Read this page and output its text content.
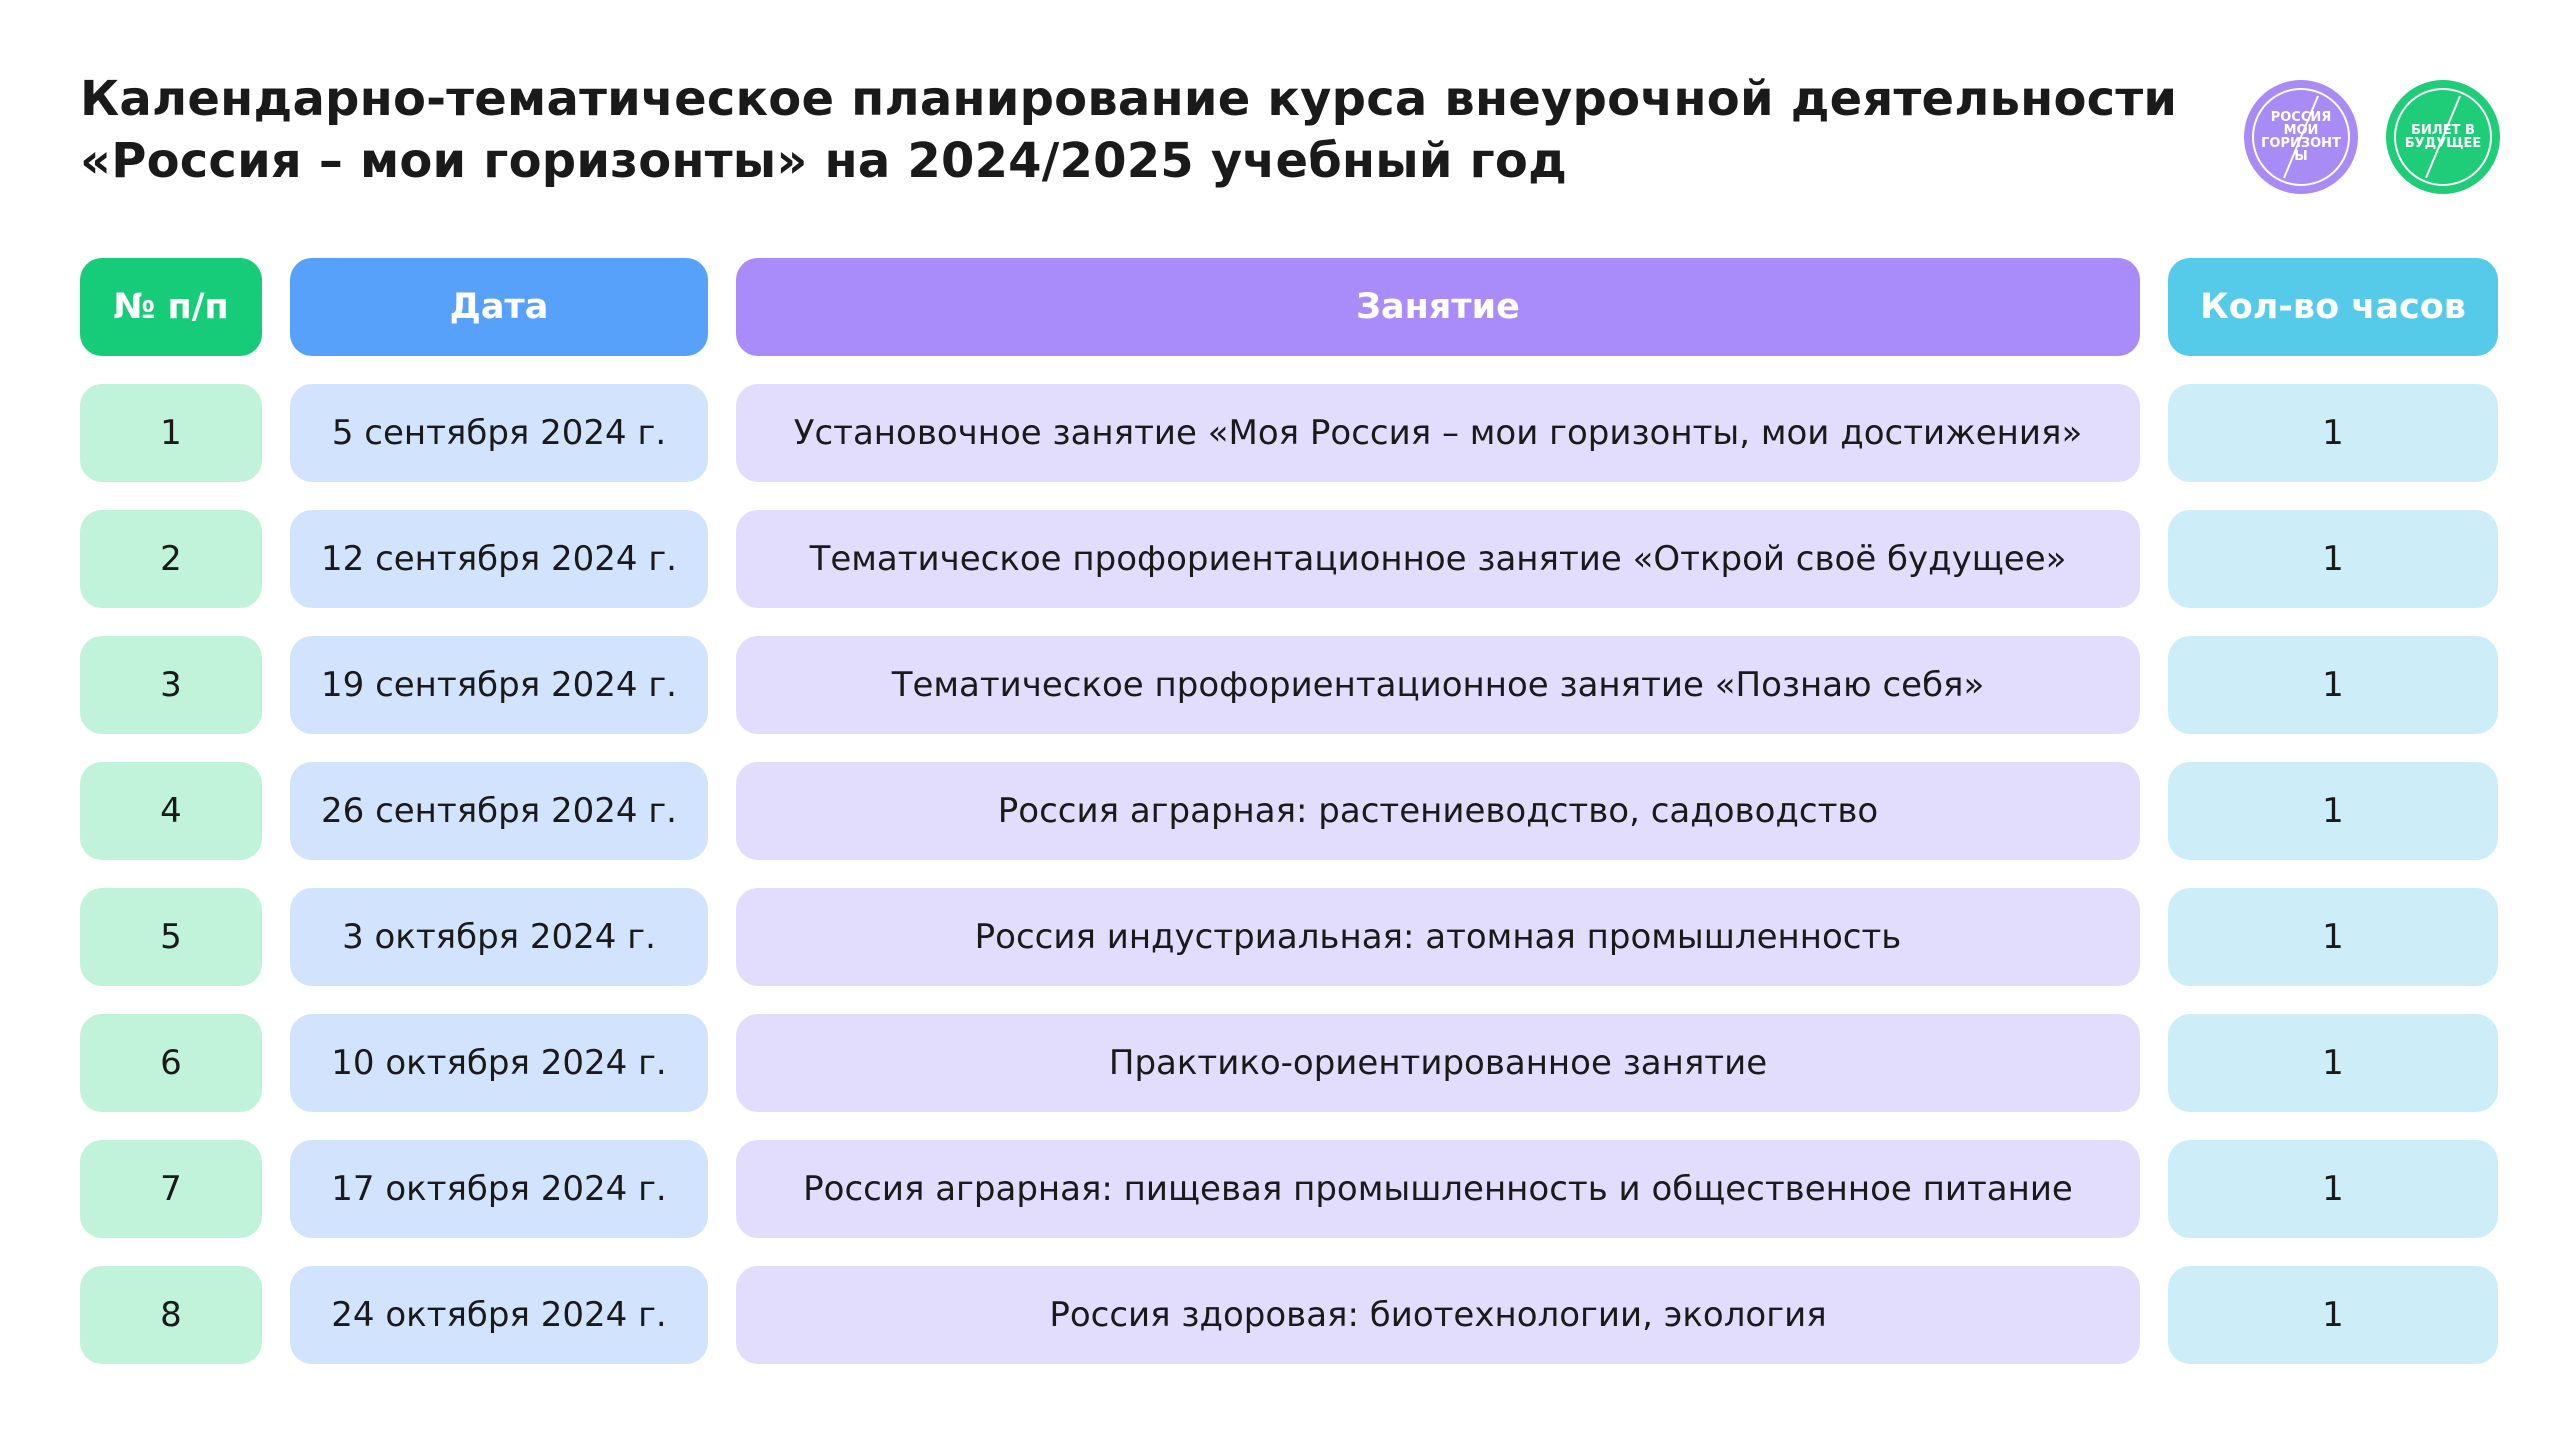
Календарно-тематическое планирование курса внеурочной деятельности
«Россия – мои горизонты» на 2024/2025 учебный год
РОССИЯ МОИ ГОРИЗОНТЫ
БИЛЕТ В БУДУЩЕЕ
№ п/п	Дата	Занятие	Кол-во часов
1	5 сентября 2024 г.	Установочное занятие «Моя Россия – мои горизонты, мои достижения»	1
2	12 сентября 2024 г.	Тематическое профориентационное занятие «Открой своё будущее»	1
3	19 сентября 2024 г.	Тематическое профориентационное занятие «Познаю себя»	1
4	26 сентября 2024 г.	Россия аграрная: растениеводство, садоводство	1
5	3 октября 2024 г.	Россия индустриальная: атомная промышленность	1
6	10 октября 2024 г.	Практико-ориентированное занятие	1
7	17 октября 2024 г.	Россия аграрная: пищевая промышленность и общественное питание	1
8	24 октября 2024 г.	Россия здоровая: биотехнологии, экология	1
